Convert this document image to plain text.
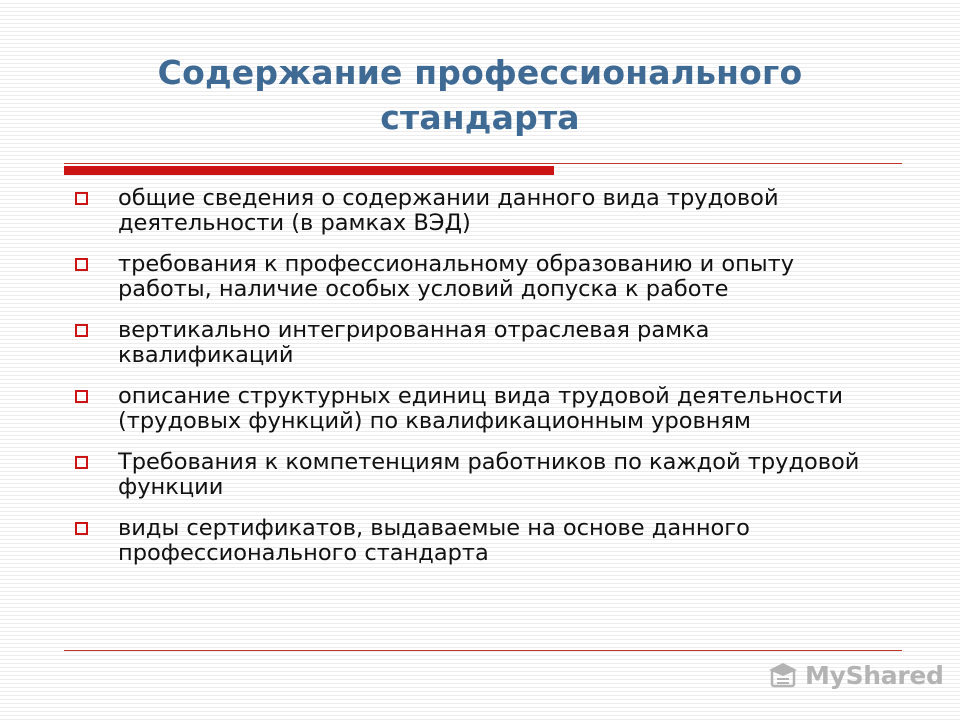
Содержание профессионального
стандарта
общие сведения о содержании данного вида трудовой деятельности (в рамках ВЭД)
требования к профессиональному образованию и опыту работы, наличие особых условий допуска к работе
вертикально интегрированная отраслевая рамка квалификаций
описание структурных единиц вида трудовой деятельности (трудовых функций) по квалификационным уровням
Требования к компетенциям работников по каждой трудовой функции
виды сертификатов, выдаваемые на основе данного профессионального стандарта
MyShared
